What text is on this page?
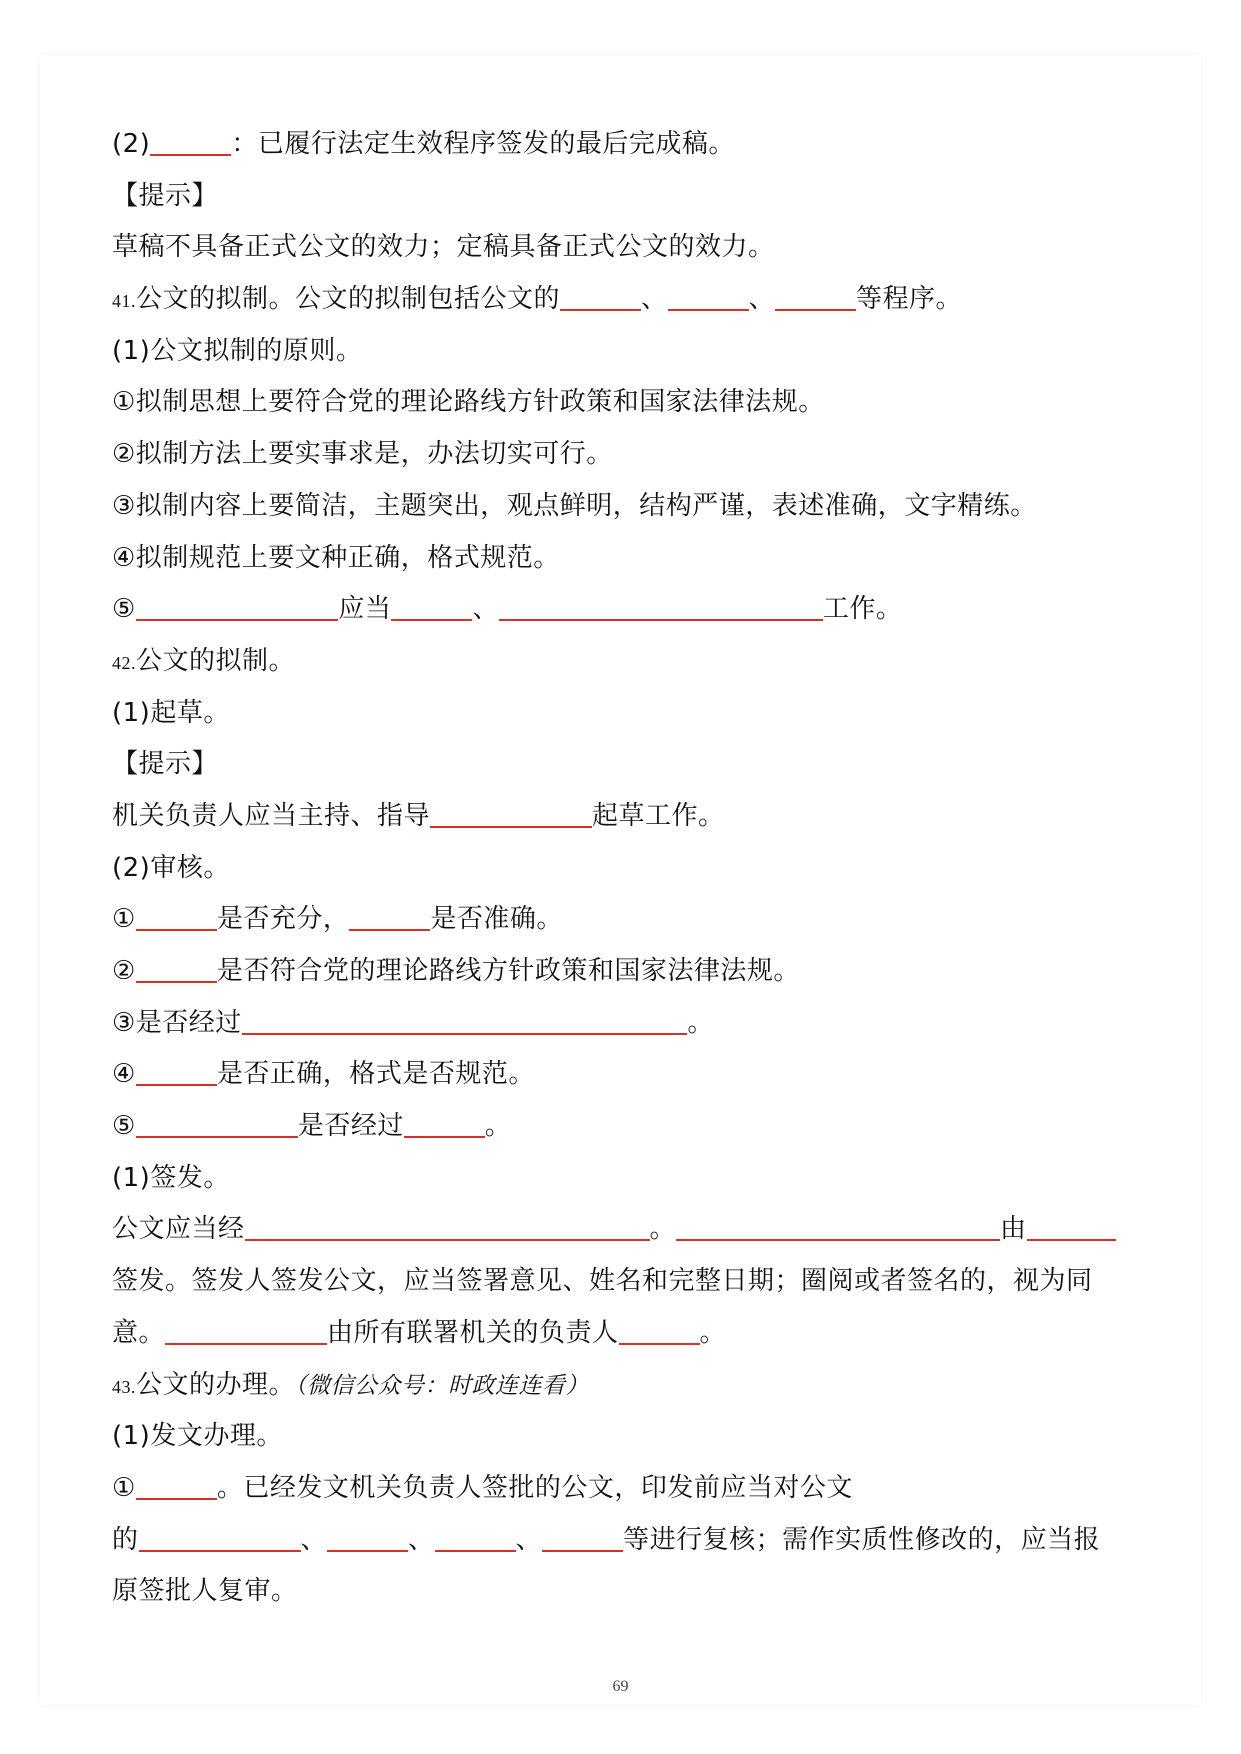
(2)	：已履行法定生效程序签发的最后完成稿。
【提示】
草稿不具备正式公文的效力；定稿具备正式公文的效力。
41.公文的拟制。公文的拟制包括公文的	、	、	等程序。
(1)公文拟制的原则。
①拟制思想上要符合党的理论路线方针政策和国家法律法规。
②拟制方法上要实事求是，办法切实可行。
③拟制内容上要简洁，主题突出，观点鲜明，结构严谨，表述准确，文字精练。
④拟制规范上要文种正确，格式规范。
⑤	应当	、	工作。
42.公文的拟制。
(1)起草。
【提示】
机关负责人应当主持、指导	起草工作。
(2)审核。
①	是否充分，	是否准确。
②	是否符合党的理论路线方针政策和国家法律法规。
③是否经过	。
④	是否正确，格式是否规范。
⑤	是否经过	。
(1)签发。
公文应当经	。	由
签发。签发人签发公文，应当签署意见、姓名和完整日期；圈阅或者签名的，视为同
意。	由所有联署机关的负责人	。
43.公文的办理。（微信公众号：时政连连看）
(1)发文办理。
①	。已经发文机关负责人签批的公文，印发前应当对公文
的	、	、	、	等进行复核；需作实质性修改的，应当报
原签批人复审。
69
